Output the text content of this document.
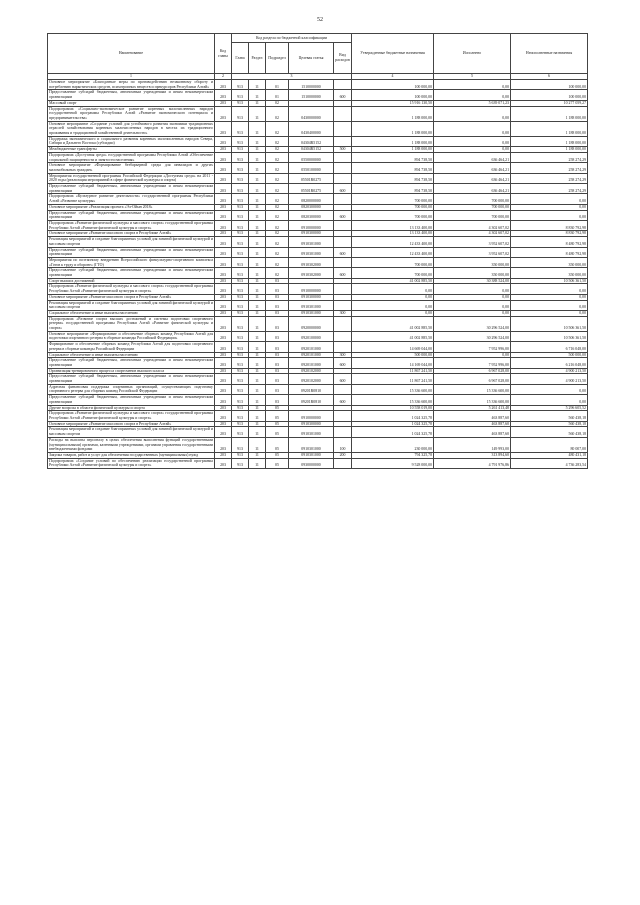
52
Наименование	Код главы	Код раздела по бюджетной классификации					Утвержденные бюджетные назначения	Исполнено	Неисполненные назначения
		Глава	Раздел	Подраздел	Целевая статья	Вид расходов			
1	2	3					4	5	6
Основное мероприятие «Благодатные меры по противодействию незаконному обороту и потреблению наркотических средств, психотропных веществ и прекурсоров Республики Алтай»	203	913	11	01	1510000000		100 000,00	0,00	100 000,00
Предоставление субсидий бюджетным, автономным учреждениям и иным некоммерческим организациям	203	913	11	01	1510000000	600	100 000,00	0,00	100 000,00
Массовый спорт	203	913	11	02			15 916 130,50	5 639 071,23	10 277 059,27
Подпрограмма «Социально-экономическое развитие коренных малочисленных народов государственной программы Республики Алтай «Развитие экономического потенциала и предпринимательства»	203	913	11	02	0430000000		1 188 000,00	0,00	1 188 000,00
Основное мероприятие «Создание условий для устойчивого развития экономики традиционных отраслей хозяйствования коренных малочисленных народов в местах их традиционного проживания и традиционной хозяйственной деятельности»	203	913	11	02	0430400000		1 188 000,00	0,00	1 188 000,00
Поддержка экономического и социального развития коренных малочисленных народов Севера, Сибири и Дальнего Востока (субсидии)	203	913	11	02	04304R5152		1 188 000,00	0,00	1 188 000,00
Межбюджетные трансферты	203	913	11	02	04304R5152	500	1 188 000,00	0,00	1 188 000,00
Подпрограмма «Доступная среда» государственной программы Республики Алтай «Обеспечение социальной защищенности и занятости населения»	203	913	11	02	0550000000		894 738,50	636 464,21	258 274,29
Основное мероприятие «Формирование безбарьерной среды для инвалидов и других маломобильных граждан»	203	913	11	02	0550100000		894 738,50	636 464,21	258 274,29
Мероприятия государственной программы Российской Федерации «Доступная среда» на 2011 - 2020 годы (реализация мероприятий в сфере физической культуры и спорта)	203	913	11	02	05501R0275		894 738,50	636 464,21	258 274,29
Предоставление субсидий бюджетным, автономным учреждениям и иным некоммерческим организациям	203	913	11	02	05501R0275	600	894 738,50	636 464,21	258 274,29
Подпрограмма «Культурное развитие деятельности» государственной программы Республики Алтай «Развитие культуры»	203	913	11	02	0820000000		700 000,00	700 000,00	0,00
Основное мероприятие «Реализация проекта «Эл-Ойын 2018»	203	913	11	02	0820300000		700 000,00	700 000,00	0,00
Предоставление субсидий бюджетным, автономным учреждениям и иным некоммерческим организациям	203	913	11	02	0820300000	600	700 000,00	700 000,00	0,00
Подпрограмма «Развитие физической культуры и массового спорта» государственной программы Республики Алтай «Развитие физической культуры и спорта»	203	913	11	02	0910000000		13 133 400,00	4 302 607,02	8 830 792,98
Основное мероприятие «Развитие массового спорта в Республике Алтай»	203	913	11	02	0910300000		13 133 400,00	4 302 607,02	8 830 792,98
Реализация мероприятий и создание благоприятных условий для занятий физической культурой и массовым спортом	203	913	11	02	0910301000		12 433 400,00	3 952 607,02	8 480 792,98
Предоставление субсидий бюджетным, автономным учреждениям и иным некоммерческим организациям	203	913	11	02	0910301000	600	12 433 400,00	3 952 607,02	8 480 792,98
Мероприятия по поэтапному внедрению Всероссийского физкультурно-спортивного комплекса «Готов к труду и обороне» (ГТО)	203	913	11	02	0910302000		700 000,00	350 000,00	350 000,00
Предоставление субсидий бюджетным, автономным учреждениям и иным некоммерческим организациям	203	913	11	02	0910302000	600	700 000,00	350 000,00	350 000,00
Спорт высших достижений	203	913	11	03			41 002 885,50	30 388 524,00	10 506 361,50
Подпрограмма «Развитие физической культуры и массового спорта» государственной программы Республики Алтай «Развитие физической культуры и спорта»	203	913	11	03	0910000000		0,00	0,00	0,00
Основное мероприятие «Развитие массового спорта в Республике Алтай»	203	913	11	03	0910300000		0,00	0,00	0,00
Реализация мероприятий и создание благоприятных условий для занятий физической культурой и массовым спортом	203	913	11	03	0910301000		0,00	0,00	0,00
Социальное обеспечение и иные выплаты населению	203	913	11	03	0910301000	300	0,00	0,00	0,00
Подпрограмма «Развитие спорта высших достижений и системы подготовки спортивного резерва» государственной программы Республики Алтай «Развитие физической культуры и спорта»	203	913	11	03	0920000000		41 002 885,50	30 296 524,00	10 506 361,50
Основное мероприятие «Формирование и обеспечение сборных команд Республики Алтай для подготовки спортивного резерва в сборные команды Российской Федерации»	203	913	11	03	0920100000		41 002 885,50	30 296 524,00	10 506 361,50
Формирование и обеспечение сборных команд Республики Алтай для подготовки спортивного резерва в сборные команды Российской Федерации	203	913	11	03	0920101000		14 669 044,00	7 952 996,00	6 716 048,00
Социальное обеспечение и иные выплаты населению	203	913	11	03	0920101000	300	500 000,00	0,00	500 000,00
Предоставление субсидий бюджетным, автономным учреждениям и иным некоммерческим организациям	203	913	11	03	0920101000	600	14 169 044,00	7 952 996,00	6 216 048,00
Организация тренировочного процесса спортсменов высокого класса	203	913	11	03	0920102000		11 867 241,50	6 967 028,00	4 900 213,50
Предоставление субсидий бюджетным, автономным учреждениям и иным некоммерческим организациям	203	913	11	03	0920102000	600	11 867 241,50	6 967 028,00	4 900 213,50
Адресная финансовая поддержка спортивных организаций, осуществляющих подготовку спортивного резерва для сборных команд Российской Федерации	203	913	11	03	09201R0810		15 336 600,00	15 336 600,00	0,00
Предоставление субсидий бюджетным, автономным учреждениям и иным некоммерческим организациям	203	913	11	03	09201R0810	600	15 336 600,00	15 336 600,00	0,00
Другие вопросы в области физической культуры и спорта	203	913	11	05			10 558 019,00	5 261 413,48	5 296 605,52
Подпрограмма «Развитие физической культуры и массового спорта» государственной программы Республики Алтай «Развитие физической культуры и спорта»	203	913	11	05	0910000000		1 024 325,78	463 887,60	560 438,18
Основное мероприятие «Развитие массового спорта в Республике Алтай»	203	913	11	05	0910300000		1 024 325,78	463 887,60	560 438,18
Реализация мероприятий и создание благоприятных условий для занятий физической культурой и массовым спортом	203	913	11	05	0910301000		1 024 325,78	463 887,60	560 438,18
Расходы на выплаты персоналу в целях обеспечения выполнения функций государственными (муниципальными) органами, казенными учреждениями, органами управления государственными внебюджетными фондами	203	913	11	05	0910301000	100	230 000,00	149 993,00	80 007,00
Закупка товаров, работ и услуг для обеспечения государственных (муниципальных) нужд	203	913	11	05	0910301000	200	794 325,78	313 894,60	480 431,18
Подпрограмма «Создание условий по обеспечению реализации государственной программы Республики Алтай «Развитие физической культуры и спорта»	203	913	11	05	0930000000		9 528 000,00	4 791 976,86	4 736 283,54
